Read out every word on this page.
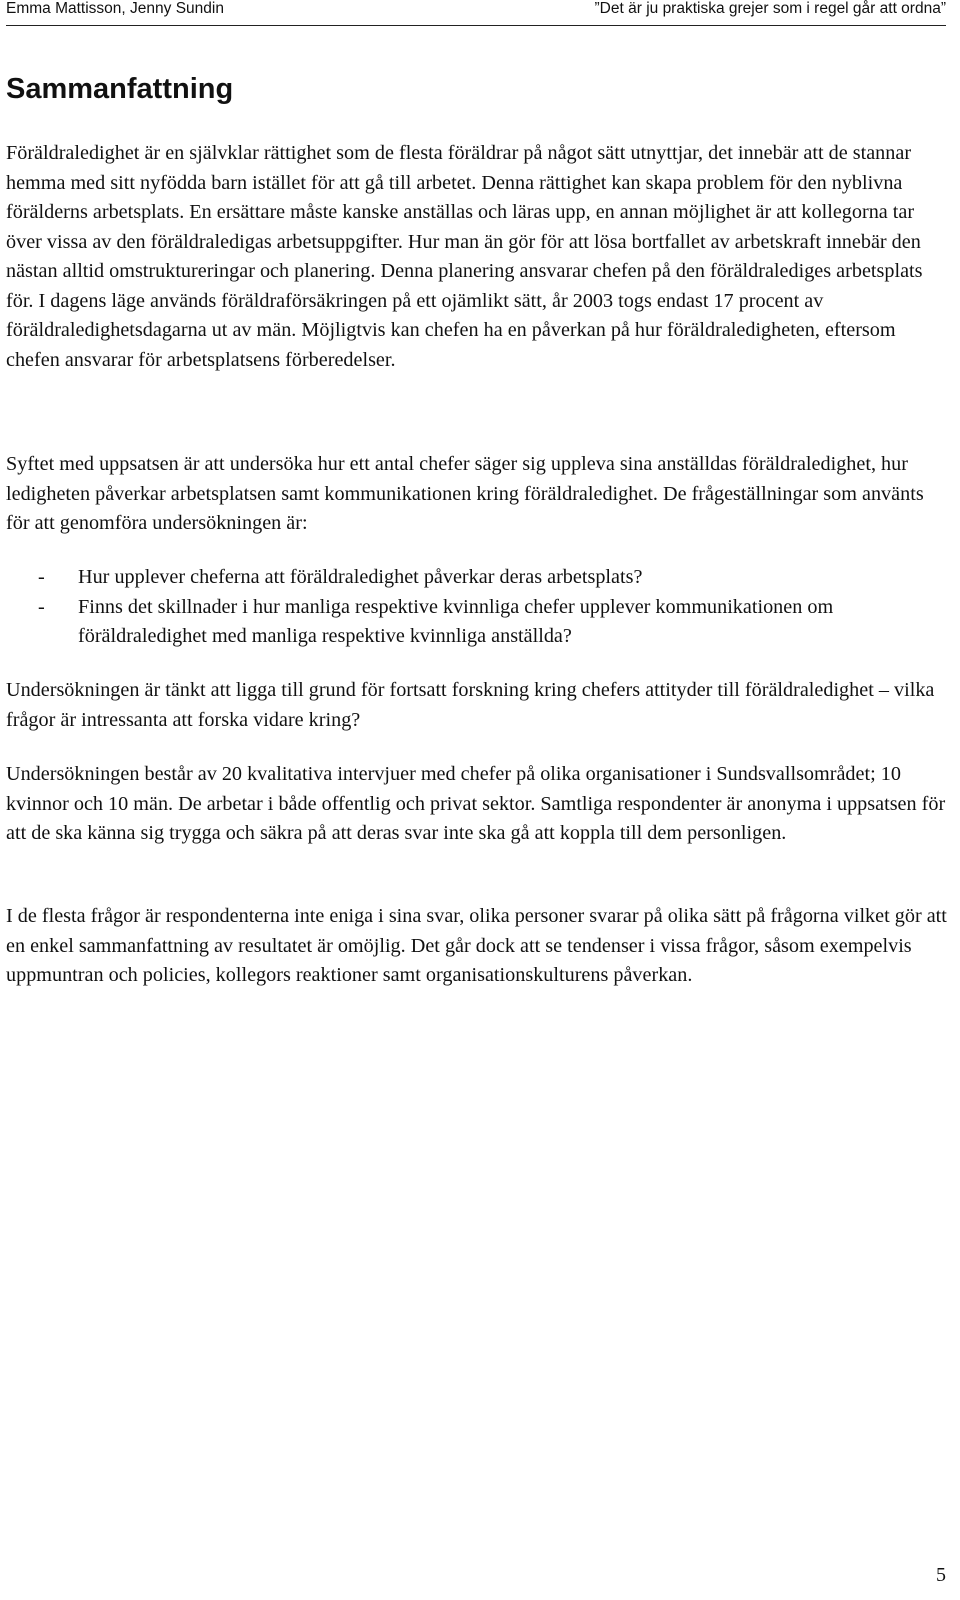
Emma Mattisson, Jenny Sundin	”Det är ju praktiska grejer som i regel går att ordna”
Sammanfattning

Föräldraledighet är en självklar rättighet som de flesta föräldrar på något sätt utnyttjar, det innebär att de stannar hemma med sitt nyfödda barn istället för att gå till arbetet. Denna rättighet kan skapa problem för den nyblivna förälderns arbetsplats. En ersättare måste kanske anställas och läras upp, en annan möjlighet är att kollegorna tar över vissa av den föräldraledigas arbetsuppgifter. Hur man än gör för att lösa bortfallet av arbetskraft innebär den nästan alltid omstruktureringar och planering. Denna planering ansvarar chefen på den föräldralediges arbetsplats för. I dagens läge används föräldraförsäkringen på ett ojämlikt sätt, år 2003 togs endast 17 procent av föräldraledighetsdagarna ut av män. Möjligtvis kan chefen ha en påverkan på hur föräldraledigheten, eftersom chefen ansvarar för arbetsplatsens förberedelser.

Syftet med uppsatsen är att undersöka hur ett antal chefer säger sig uppleva sina anställdas föräldraledighet, hur ledigheten påverkar arbetsplatsen samt kommunikationen kring föräldraledighet. De frågeställningar som använts för att genomföra undersökningen är:

- Hur upplever cheferna att föräldraledighet påverkar deras arbetsplats?
- Finns det skillnader i hur manliga respektive kvinnliga chefer upplever kommunikationen om föräldraledighet med manliga respektive kvinnliga anställda?

Undersökningen är tänkt att ligga till grund för fortsatt forskning kring chefers attityder till föräldraledighet – vilka frågor är intressanta att forska vidare kring?

Undersökningen består av 20 kvalitativa intervjuer med chefer på olika organisationer i Sundsvallsområdet; 10 kvinnor och 10 män. De arbetar i både offentlig och privat sektor. Samtliga respondenter är anonyma i uppsatsen för att de ska känna sig trygga och säkra på att deras svar inte ska gå att koppla till dem personligen.

I de flesta frågor är respondenterna inte eniga i sina svar, olika personer svarar på olika sätt på frågorna vilket gör att en enkel sammanfattning av resultatet är omöjlig. Det går dock att se tendenser i vissa frågor, såsom exempelvis uppmuntran och policies, kollegors reaktioner samt organisationskulturens påverkan.

5
